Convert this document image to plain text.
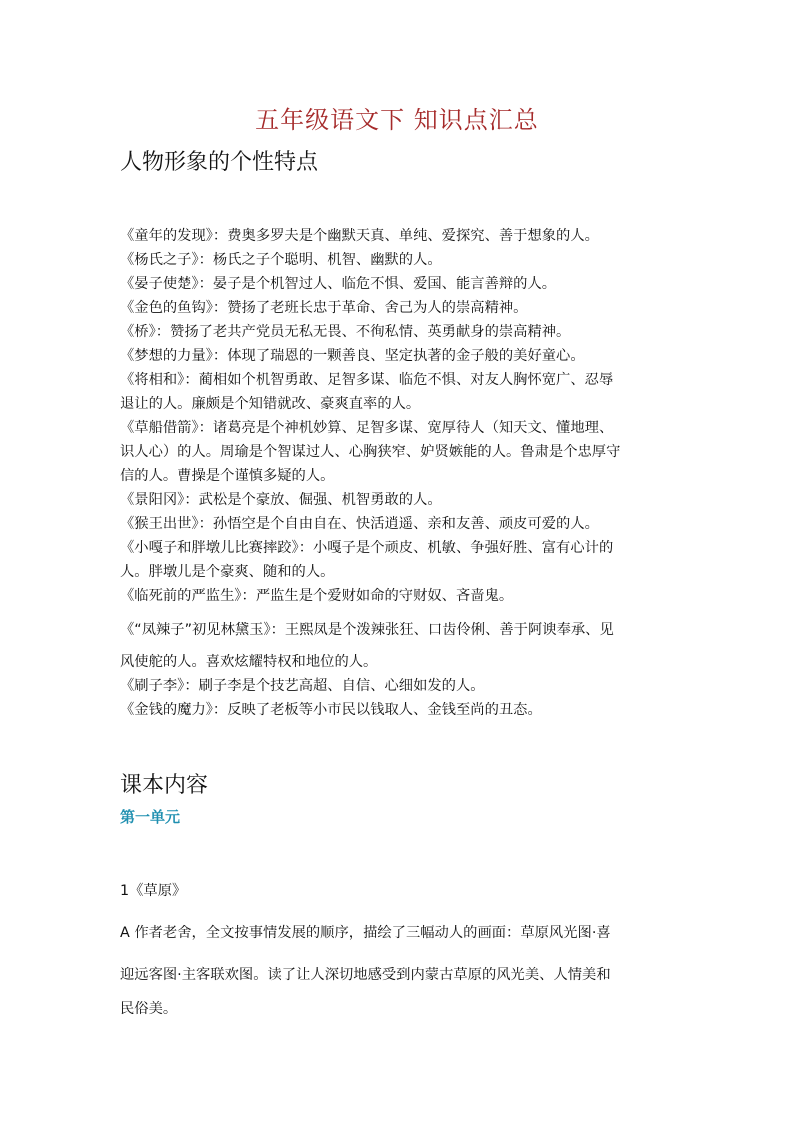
五年级语文下 知识点汇总
人物形象的个性特点

《童年的发现》：费奥多罗夫是个幽默天真、单纯、爱探究、善于想象的人。

《杨氏之子》：杨氏之子个聪明、机智、幽默的人。

《晏子使楚》：晏子是个机智过人、临危不惧、爱国、能言善辩的人。

《金色的鱼钩》：赞扬了老班长忠于革命、舍己为人的崇高精神。

《桥》：赞扬了老共产党员无私无畏、不徇私情、英勇献身的崇高精神。

《梦想的力量》：体现了瑞恩的一颗善良、坚定执著的金子般的美好童心。

《将相和》：蔺相如个机智勇敢、足智多谋、临危不惧、对友人胸怀宽广、忍辱

退让的人。廉颇是个知错就改、豪爽直率的人。

《草船借箭》：诸葛亮是个神机妙算、足智多谋、宽厚待人（知天文、懂地理、

识人心）的人。周瑜是个智谋过人、心胸狭窄、妒贤嫉能的人。鲁肃是个忠厚守

信的人。曹操是个谨慎多疑的人。

《景阳冈》：武松是个豪放、倔强、机智勇敢的人。

《猴王出世》：孙悟空是个自由自在、快活逍遥、亲和友善、顽皮可爱的人。

《小嘎子和胖墩儿比赛摔跤》：小嘎子是个顽皮、机敏、争强好胜、富有心计的

人。胖墩儿是个豪爽、随和的人。

《临死前的严监生》：严监生是个爱财如命的守财奴、吝啬鬼。

《“凤辣子”初见林黛玉》：王熙凤是个泼辣张狂、口齿伶俐、善于阿谀奉承、见

风使舵的人。喜欢炫耀特权和地位的人。

《刷子李》：刷子李是个技艺高超、自信、心细如发的人。

《金钱的魔力》：反映了老板等小市民以钱取人、金钱至尚的丑态。

课本内容

第一单元

1《草原》

A 作者老舍，全文按事情发展的顺序，描绘了三幅动人的画面：草原风光图·喜

迎远客图·主客联欢图。读了让人深切地感受到内蒙古草原的风光美、人情美和

民俗美。
